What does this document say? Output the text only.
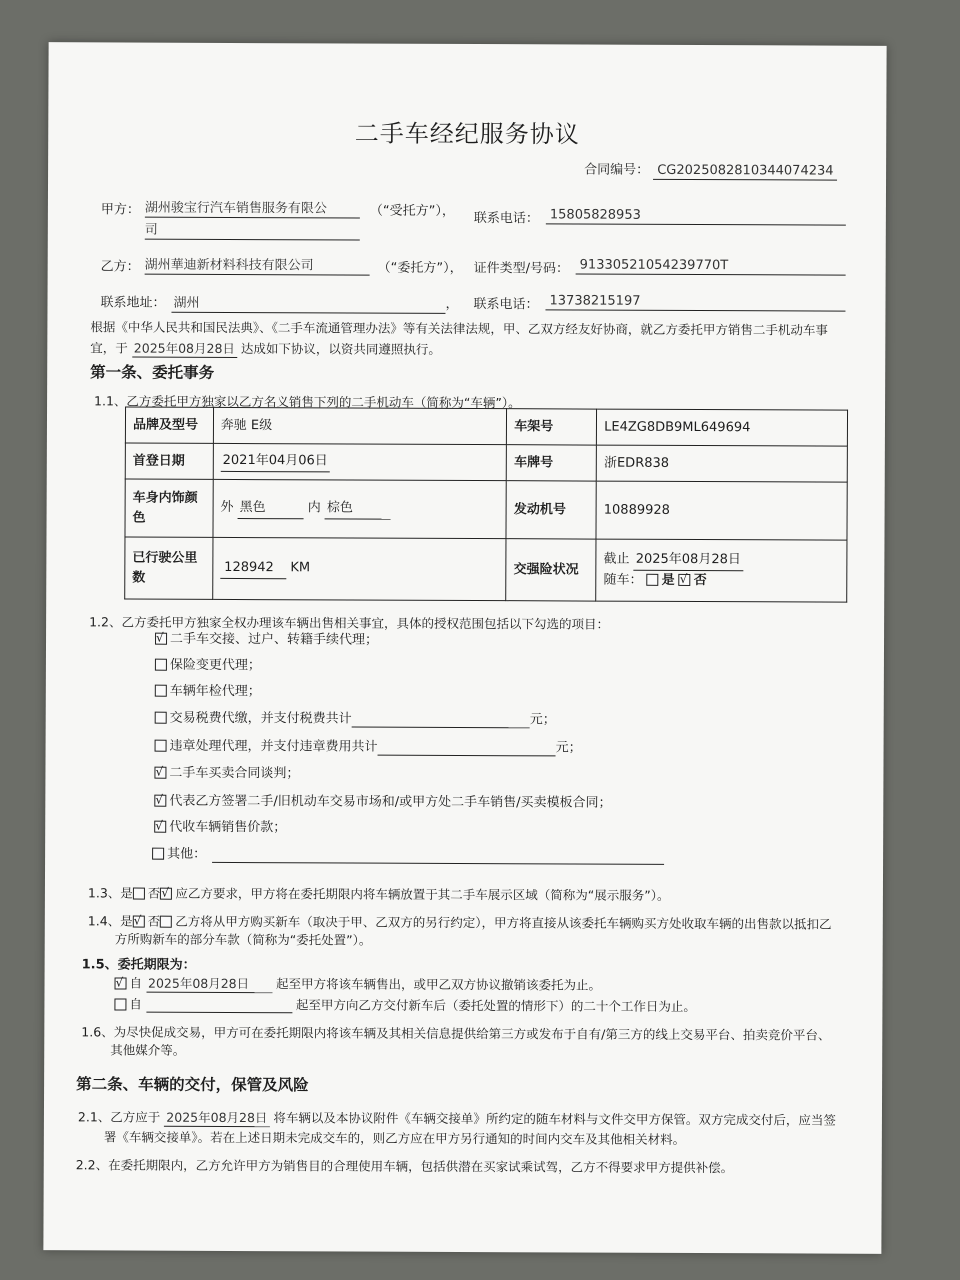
二手车经纪服务协议
合同编号： CG2025082810344074234
甲方： 湖州骏宝行汽车销售服务有限公
司
（“受托方”）， 联系电话： 15805828953
乙方： 湖州華迪新材料科技有限公司	（“委托方”）， 证件类型/号码： 91330521054239770T
联系地址： 湖州	， 联系电话： 13738215197
根据《中华人民共和国民法典》、《二手车流通管理办法》等有关法律法规，甲、乙双方经友好协商，就乙方委托甲方销售二手机动车事
宜，于 2025年08月28日 达成如下协议，以资共同遵照执行。
第一条、委托事务
1.1、乙方委托甲方独家以乙方名义销售下列的二手机动车（简称为“车辆”）。
品牌及型号	奔驰 E级	车架号	LE4ZG8DB9ML649694
首登日期	2021年04月06日	车牌号	浙EDR838
车身内饰颜
色	外 黑色 内 棕色	发动机号	10889928
已行驶公里
数	128942 KM	交强险状况	截止 2025年08月28日
随车： 是 √ 否
1.2、乙方委托甲方独家全权办理该车辆出售相关事宜，具体的授权范围包括以下勾选的项目：
√二手车交接、过户、转籍手续代理；
保险变更代理；
车辆年检代理；
交易税费代缴，并支付税费共计	元；
违章处理代理，并支付违章费用共计	元；
√二手车买卖合同谈判；
√代表乙方签署二手/旧机动车交易市场和/或甲方处二手车销售/买卖模板合同；
√代收车辆销售价款；
其他：
1.3、是 否 √ 应乙方要求，甲方将在委托期限内将车辆放置于其二手车展示区域（简称为“展示服务”）。
1.4、是 √ 否 乙方将从甲方购买新车（取决于甲、乙双方的另行约定），甲方将直接从该委托车辆购买方处收取车辆的出售款以抵扣乙
方所购新车的部分车款（简称为“委托处置”）。
1.5、委托期限为：
√自 2025年08月28日 起至甲方将该车辆售出，或甲乙双方协议撤销该委托为止。
自	起至甲方向乙方交付新车后（委托处置的情形下）的二十个工作日为止。
1.6、为尽快促成交易，甲方可在委托期限内将该车辆及其相关信息提供给第三方或发布于自有/第三方的线上交易平台、拍卖竞价平台、
其他媒介等。
第二条、车辆的交付，保管及风险
2.1、乙方应于 2025年08月28日 将车辆以及本协议附件《车辆交接单》所约定的随车材料与文件交甲方保管。双方完成交付后，应当签
署《车辆交接单》。若在上述日期未完成交车的，则乙方应在甲方另行通知的时间内交车及其他相关材料。
2.2、在委托期限内，乙方允许甲方为销售目的合理使用车辆，包括供潜在买家试乘试驾，乙方不得要求甲方提供补偿。
